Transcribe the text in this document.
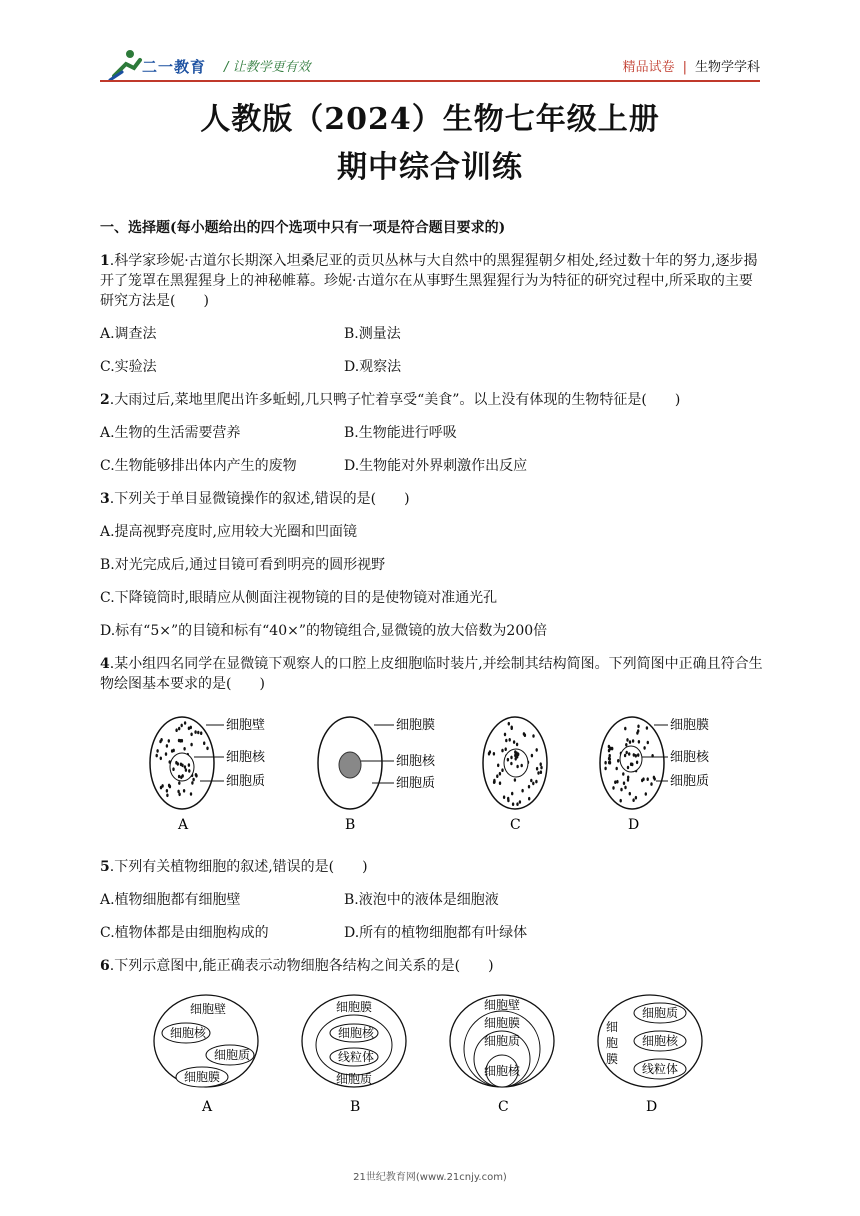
二一教育 / 让教学更有效	精品试卷 | 生物学学科
人教版（2024）生物七年级上册
期中综合训练
一、选择题(每小题给出的四个选项中只有一项是符合题目要求的)
1.科学家珍妮·古道尔长期深入坦桑尼亚的贡贝丛林与大自然中的黑猩猩朝夕相处,经过数十年的努力,逐步揭开了笼罩在黑猩猩身上的神秘帷幕。珍妮·古道尔在从事野生黑猩猩行为为特征的研究过程中,所采取的主要研究方法是(　　)
A.调查法	B.测量法
C.实验法	D.观察法
2.大雨过后,菜地里爬出许多蚯蚓,几只鸭子忙着享受“美食”。以上没有体现的生物特征是(　　)
A.生物的生活需要营养	B.生物能进行呼吸
C.生物能够排出体内产生的废物	D.生物能对外界刺激作出反应
3.下列关于单目显微镜操作的叙述,错误的是(　　)
A.提高视野亮度时,应用较大光圈和凹面镜
B.对光完成后,通过目镜可看到明亮的圆形视野
C.下降镜筒时,眼睛应从侧面注视物镜的目的是使物镜对准通光孔
D.标有“5×”的目镜和标有“40×”的物镜组合,显微镜的放大倍数为200倍
4.某小组四名同学在显微镜下观察人的口腔上皮细胞临时装片,并绘制其结构简图。下列简图中正确且符合生物绘图基本要求的是(　　)
细胞壁
细胞核
细胞质
A
细胞膜
细胞核
细胞质
B	C
细胞膜
细胞核
细胞质
D
5.下列有关植物细胞的叙述,错误的是(　　)
A.植物细胞都有细胞壁	B.液泡中的液体是细胞液
C.植物体都是由细胞构成的	D.所有的植物细胞都有叶绿体
6.下列示意图中,能正确表示动物细胞各结构之间关系的是(　　)
细胞壁
细胞核
细胞质
细胞膜
A
细胞膜
细胞核
线粒体
细胞质
B
细胞壁
细胞膜
细胞质
细胞核
C
细
胞
膜
细胞质
细胞核
线粒体
D
21世纪教育网(www.21cnjy.com)
